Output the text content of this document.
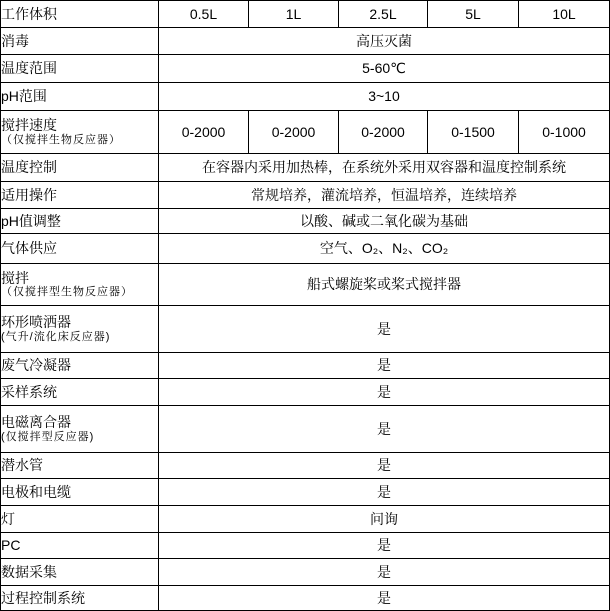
工作体积	0.5L	1L	2.5L	5L	10L
消毒	高压灭菌				
温度范围	5-60℃				
pH范围	3~10				

搅拌速度
（仅搅拌生物反应器）	0-2000	0-2000	0-2000	0-1500	0-1000
温度控制	在容器内采用加热棒，在系统外采用双容器和温度控制系统				
适用操作	常规培养，灌流培养，恒温培养，连续培养				
pH值调整	以酸、碱或二氧化碳为基础				
气体供应	空气、O₂、N₂、CO₂				

搅拌
（仅搅拌型生物反应器）	船式螺旋桨或桨式搅拌器				

环形喷洒器
(气升/流化床反应器)	是				
废气冷凝器	是				
采样系统	是				

电磁离合器
(仅搅拌型反应器)	是				
潜水管	是				
电极和电缆	是				
灯	问询				
PC	是				
数据采集	是				
过程控制系统	是				
